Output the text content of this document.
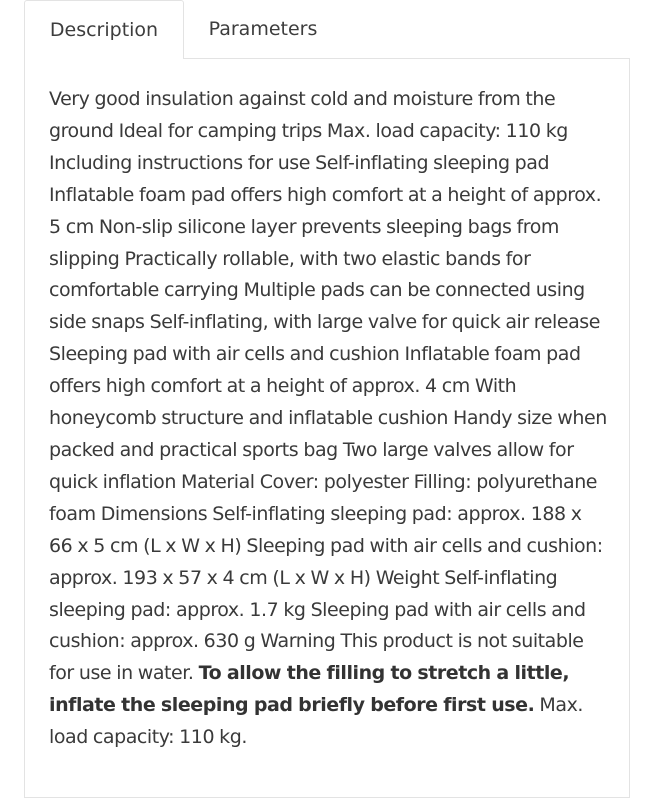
Description	Parameters

Very good insulation against cold and moisture from the ground Ideal for camping trips Max. load capacity: 110 kg Including instructions for use Self-inflating sleeping pad Inflatable foam pad offers high comfort at a height of approx. 5 cm Non-slip silicone layer prevents sleeping bags from slipping Practically rollable, with two elastic bands for comfortable carrying Multiple pads can be connected using side snaps Self-inflating, with large valve for quick air release Sleeping pad with air cells and cushion Inflatable foam pad offers high comfort at a height of approx. 4 cm With honeycomb structure and inflatable cushion Handy size when packed and practical sports bag Two large valves allow for quick inflation Material Cover: polyester Filling: polyurethane foam Dimensions Self-inflating sleeping pad: approx. 188 x 66 x 5 cm (L x W x H) Sleeping pad with air cells and cushion: approx. 193 x 57 x 4 cm (L x W x H) Weight Self-inflating sleeping pad: approx. 1.7 kg Sleeping pad with air cells and cushion: approx. 630 g Warning This product is not suitable for use in water. To allow the filling to stretch a little, inflate the sleeping pad briefly before first use. Max. load capacity: 110 kg.
